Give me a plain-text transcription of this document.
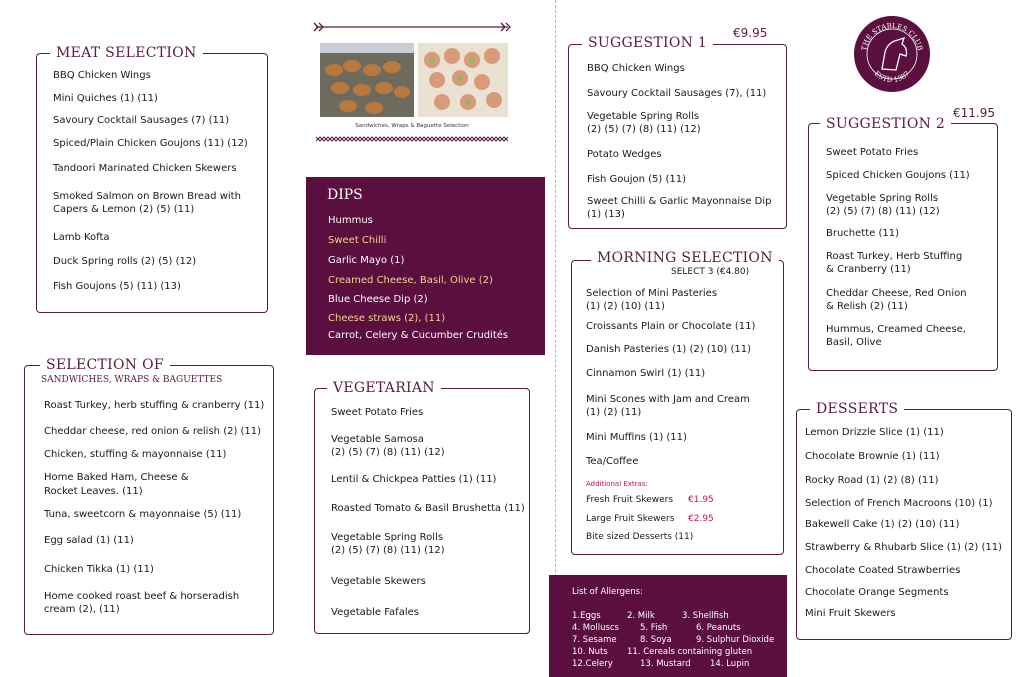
MEAT SELECTION
BBQ Chicken Wings
Mini Quiches (1) (11)
Savoury Cocktail Sausages (7) (11)
Spiced/Plain Chicken Goujons (11) (12)
Tandoori Marinated Chicken Skewers
Smoked Salmon on Brown Bread with
Capers & Lemon (2) (5) (11)
Lamb Kofta
Duck Spring rolls (2) (5) (12)
Fish Goujons (5) (11) (13)
Sandwiches, Wraps & Baguette Selection
DIPS
Hummus
Sweet Chilli
Garlic Mayo (1)
Creamed Cheese, Basil, Olive (2)
Blue Cheese Dip (2)
Cheese straws (2), (11)
Carrot, Celery & Cucumber Crudités
SELECTION OF
SANDWICHES, WRAPS & BAGUETTES
Roast Turkey, herb stuffing & cranberry (11)
Cheddar cheese, red onion & relish (2) (11)
Chicken, stuffing & mayonnaise (11)
Home Baked Ham, Cheese &
Rocket Leaves. (11)
Tuna, sweetcorn & mayonnaise (5) (11)
Egg salad (1) (11)
Chicken Tikka (1) (11)
Home cooked roast beef & horseradish
cream (2), (11)
VEGETARIAN
Sweet Potato Fries
Vegetable Samosa
(2) (5) (7) (8) (11) (12)
Lentil & Chickpea Patties (1) (11)
Roasted Tomato & Basil Brushetta (11)
Vegetable Spring Rolls
(2) (5) (7) (8) (11) (12)
Vegetable Skewers
Vegetable Fafales
SUGGESTION 1
€9.95
BBQ Chicken Wings
Savoury Cocktail Sausages (7), (11)
Vegetable Spring Rolls
(2) (5) (7) (8) (11) (12)
Potato Wedges
Fish Goujon (5) (11)
Sweet Chilli & Garlic Mayonnaise Dip
(1) (13)
MORNING SELECTION
SELECT 3 (€4.80)
Selection of Mini Pasteries
(1) (2) (10) (11)
Croissants Plain or Chocolate (11)
Danish Pasteries (1) (2) (10) (11)
Cinnamon Swirl (1) (11)
Mini Scones with Jam and Cream
(1) (2) (11)
Mini Muffins (1) (11)
Tea/Coffee
Additional Extras:
Fresh Fruit Skewers €1.95
Large Fruit Skewers €2.95
Bite sized Desserts (11)
List of Allergens:
1.Eggs	2. Milk	3. Shellfish
4. Molluscs 5. Fish	6. Peanuts
7. Sesame	8. Soya	9. Sulphur Dioxide
10. Nuts 11. Cereals containing gluten
12.Celery	13. Mustard 14. Lupin
THE STABLES CLUB
ESTD 1987
SUGGESTION 2
€11.95
Sweet Potato Fries
Spiced Chicken Goujons (11)
Vegetable Spring Rolls
(2) (5) (7) (8) (11) (12)
Bruchette (11)
Roast Turkey, Herb Stuffing
& Cranberry (11)
Cheddar Cheese, Red Onion
& Relish (2) (11)
Hummus, Creamed Cheese,
Basil, Olive
DESSERTS
Lemon Drizzle Slice (1) (11)
Chocolate Brownie (1) (11)
Rocky Road (1) (2) (8) (11)
Selection of French Macroons (10) (1)
Bakewell Cake (1) (2) (10) (11)
Strawberry & Rhubarb Slice (1) (2) (11)
Chocolate Coated Strawberries
Chocolate Orange Segments
Mini Fruit Skewers
